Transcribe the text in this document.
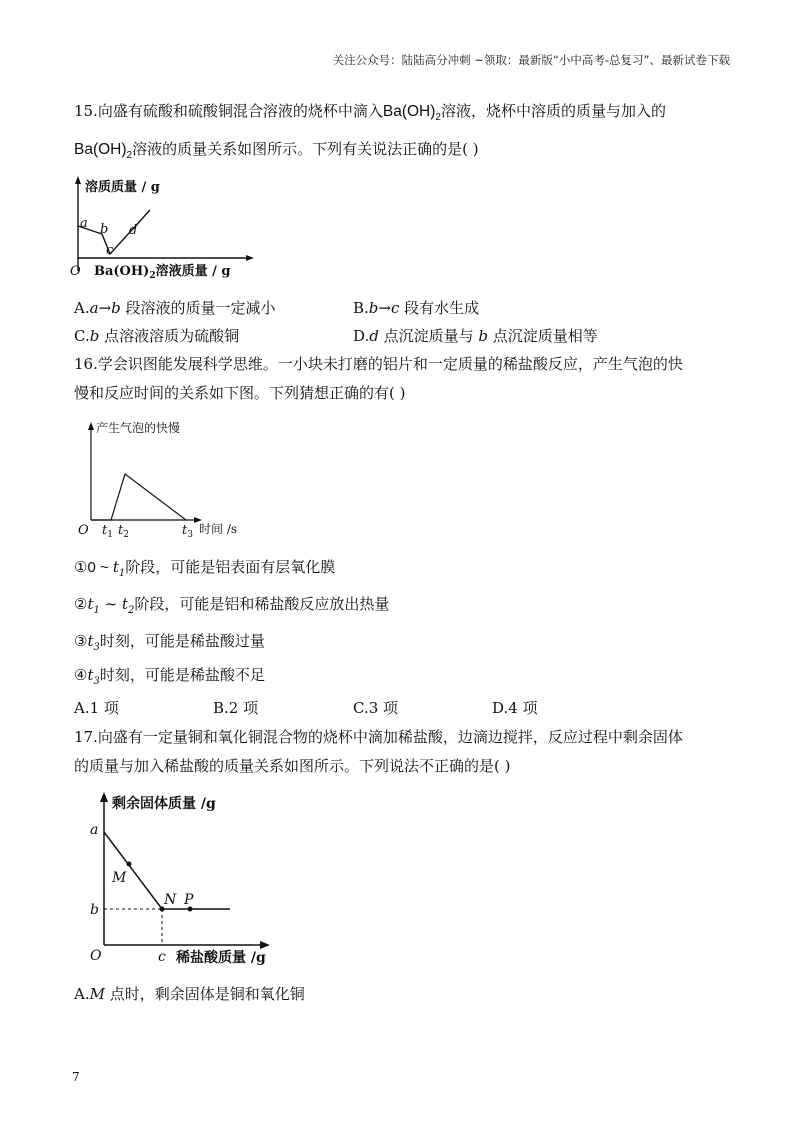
关注公众号：陆陆高分冲刺 ~领取：最新版“小中高考-总复习”、最新试卷下载
15.向盛有硫酸和硫酸铜混合溶液的烧杯中滴入$Ba(OH)_2$溶液，烧杯中溶质的质量与加入的
$Ba(OH)_2$溶液的质量关系如图所示。下列有关说法正确的是( )
溶质质量 / g
a b
c
d
O $Ba(OH)_2$溶液质量 / g
A.a→b 段溶液的质量一定减小	B.b→c 段有水生成
C.b 点溶液溶质为硫酸铜	D.d 点沉淀质量与 b 点沉淀质量相等
16.学会识图能发展科学思维。一小块未打磨的铝片和一定质量的稀盐酸反应，产生气泡的快
慢和反应时间的关系如下图。下列猜想正确的有( )
产生气泡的快慢
O $t_1$ $t_2$	$t_3$ 时间 /s
①0 ~ $t_1$阶段，可能是铝表面有层氧化膜
$②t_1$ ~ $t_2$阶段，可能是铝和稀盐酸反应放出热量
$③t_3$时刻，可能是稀盐酸过量
$④t_3$时刻，可能是稀盐酸不足
A.1 项	B.2 项	C.3 项	D.4 项
17.向盛有一定量铜和氧化铜混合物的烧杯中滴加稀盐酸，边滴边搅拌，反应过程中剩余固体
的质量与加入稀盐酸的质量关系如图所示。下列说法不正确的是( )
剩余固体质量 /g
a
M
b
N P
O	c 稀盐酸质量 /g
A.M 点时，剩余固体是铜和氧化铜
7
